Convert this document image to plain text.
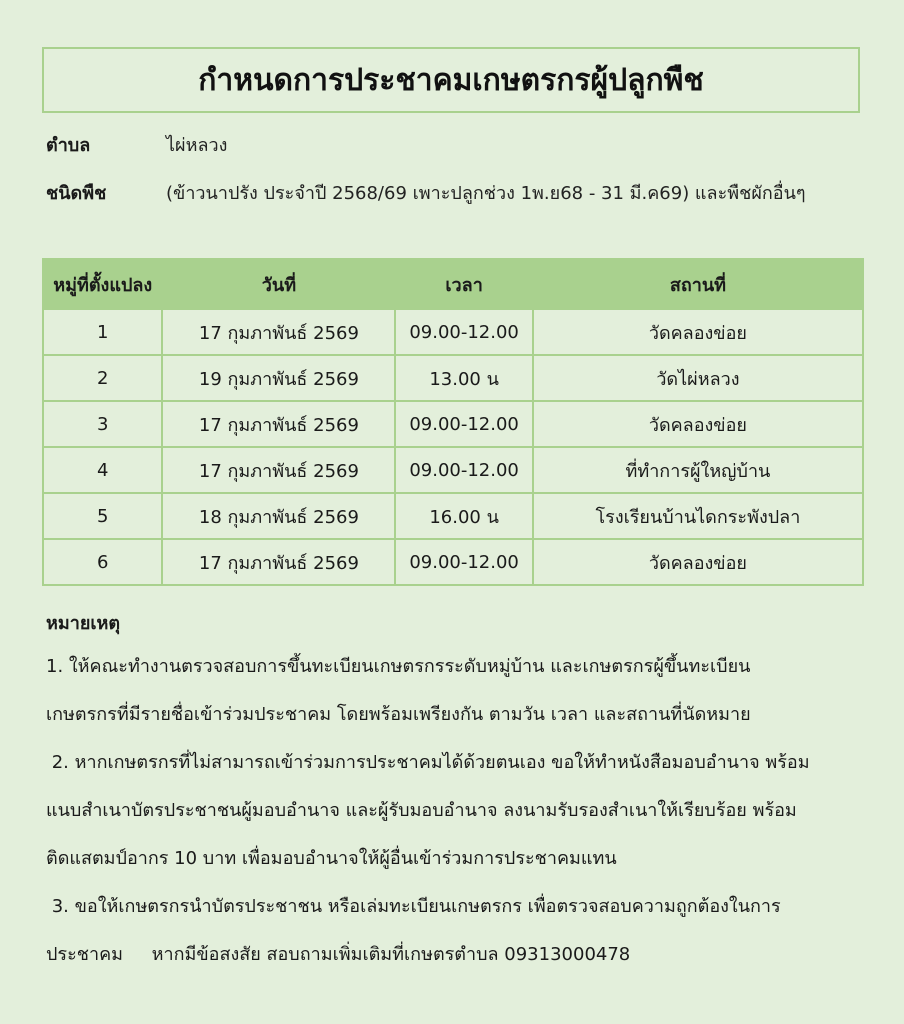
กำหนดการประชาคมเกษตรกรผู้ปลูกพืช
ตำบล	ไผ่หลวง
ชนิดพืช	(ข้าวนาปรัง ประจำปี 2568/69 เพาะปลูกช่วง 1พ.ย68 - 31 มี.ค69) และพืชผักอื่นๆ
หมู่ที่ตั้งแปลง	วันที่	เวลา	สถานที่
1	17 กุมภาพันธ์ 2569	09.00-12.00	วัดคลองข่อย
2	19 กุมภาพันธ์ 2569	13.00 น	วัดไผ่หลวง
3	17 กุมภาพันธ์ 2569	09.00-12.00	วัดคลองข่อย
4	17 กุมภาพันธ์ 2569	09.00-12.00	ที่ทำการผู้ใหญ่บ้าน
5	18 กุมภาพันธ์ 2569	16.00 น	โรงเรียนบ้านไดกระพังปลา
6	17 กุมภาพันธ์ 2569	09.00-12.00	วัดคลองข่อย
หมายเหตุ
1. ให้คณะทำงานตรวจสอบการขึ้นทะเบียนเกษตรกรระดับหมู่บ้าน และเกษตรกรผู้ขึ้นทะเบียน
เกษตรกรที่มีรายชื่อเข้าร่วมประชาคม โดยพร้อมเพรียงกัน ตามวัน เวลา และสถานที่นัดหมาย
2. หากเกษตรกรที่ไม่สามารถเข้าร่วมการประชาคมได้ด้วยตนเอง ขอให้ทำหนังสือมอบอำนาจ พร้อม
แนบสำเนาบัตรประชาชนผู้มอบอำนาจ และผู้รับมอบอำนาจ ลงนามรับรองสำเนาให้เรียบร้อย พร้อม
ติดแสตมป์อากร 10 บาท เพื่อมอบอำนาจให้ผู้อื่นเข้าร่วมการประชาคมแทน
3. ขอให้เกษตรกรนำบัตรประชาชน หรือเล่มทะเบียนเกษตรกร เพื่อตรวจสอบความถูกต้องในการ
ประชาคม     หากมีข้อสงสัย สอบถามเพิ่มเติมที่เกษตรตำบล 09313000478
